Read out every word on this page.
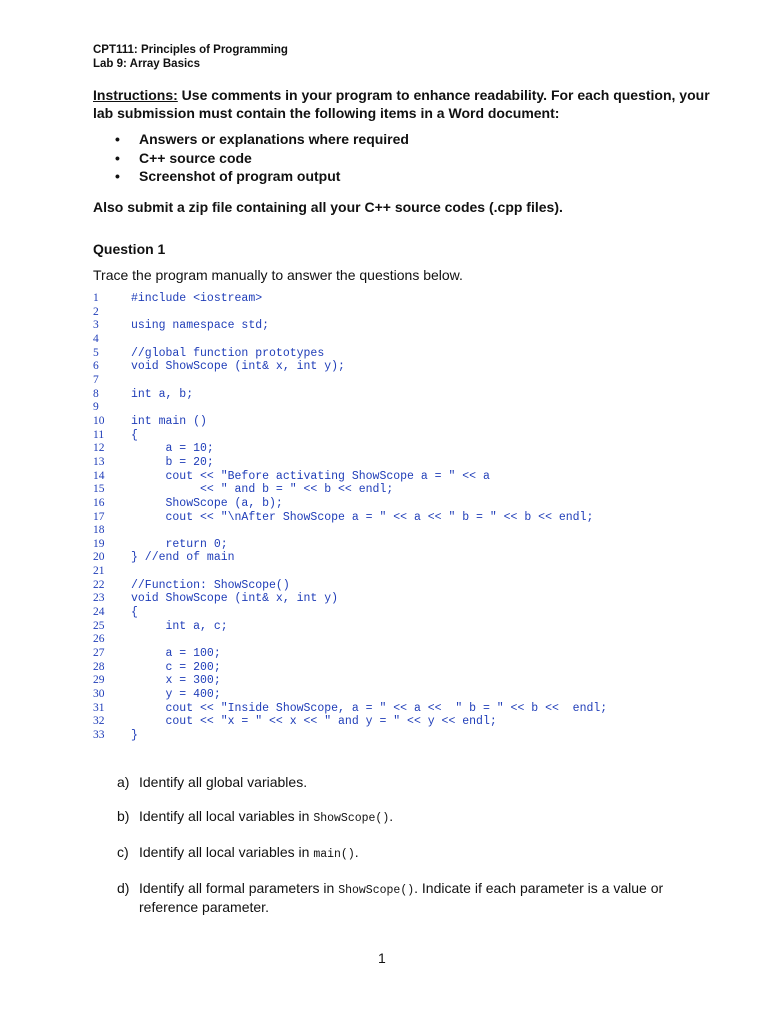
CPT111: Principles of Programming
Lab 9: Array Basics
Instructions: Use comments in your program to enhance readability. For each question, your lab submission must contain the following items in a Word document:
• Answers or explanations where required
• C++ source code
• Screenshot of program output
Also submit a zip file containing all your C++ source codes (.cpp files).
Question 1
Trace the program manually to answer the questions below.
1	#include <iostream>
2
3	using namespace std;
4
5	//global function prototypes
6	void ShowScope (int& x, int y);
7
8	int a, b;
9
10	int main ()
11	{
12	a = 10;
13	b = 20;
14	cout << "Before activating ShowScope a = " << a
15	<< " and b = " << b << endl;
16	ShowScope (a, b);
17	cout << "\nAfter ShowScope a = " << a << " b = " << b << endl;
18
19	return 0;
20	} //end of main
21
22	//Function: ShowScope()
23	void ShowScope (int& x, int y)
24	{
25	int a, c;
26
27	a = 100;
28	c = 200;
29	x = 300;
30	y = 400;
31	cout << "Inside ShowScope, a = " << a <<  " b = " << b <<  endl;
32	cout << "x = " << x << " and y = " << y << endl;
33	}
a) Identify all global variables.
b) Identify all local variables in ShowScope().
c) Identify all local variables in main().
d) Identify all formal parameters in ShowScope(). Indicate if each parameter is a value or reference parameter.
1
